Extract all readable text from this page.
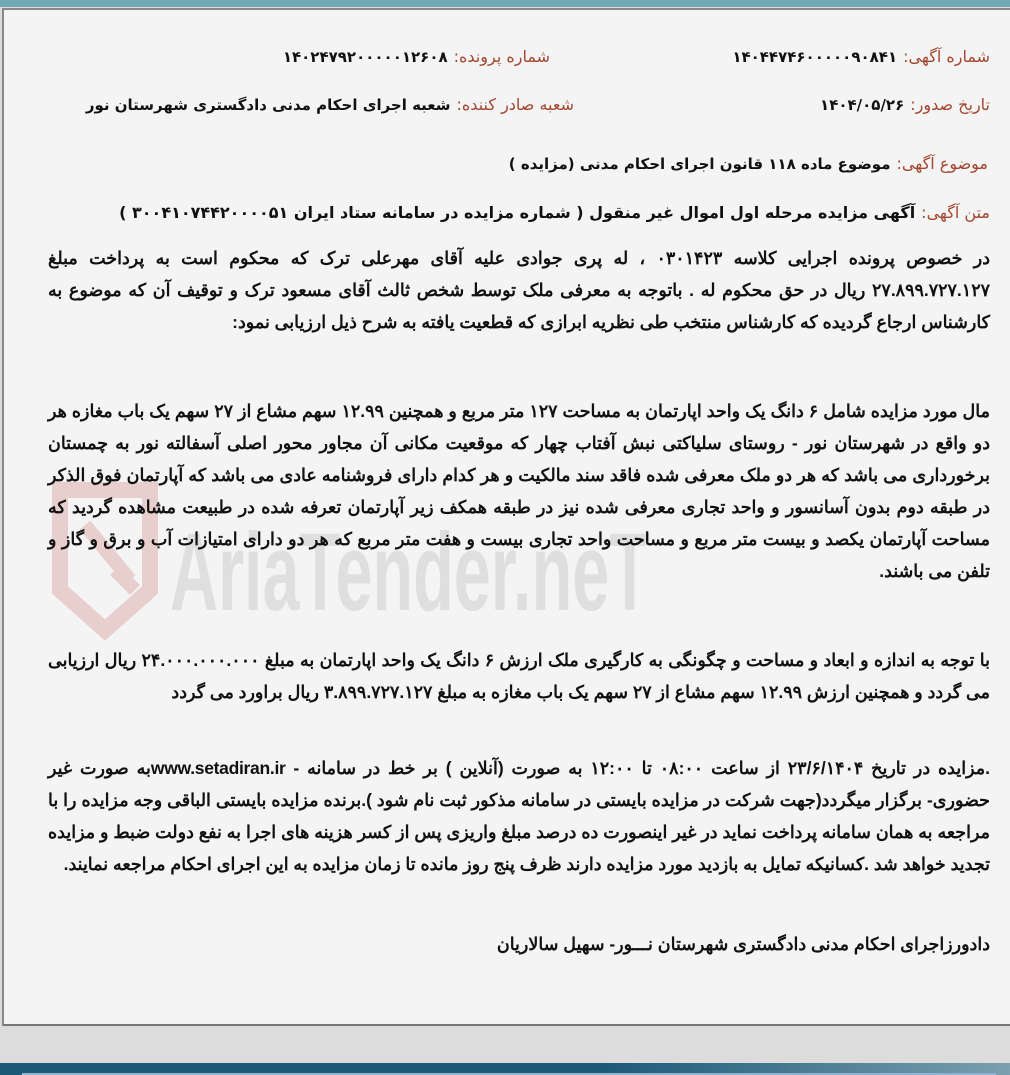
AriaTender.neT
شماره آگهی:۱۴۰۴۴۷۴۶۰۰۰۰۰۹۰۸۴۱
شماره پرونده:۱۴۰۲۴۷۹۲۰۰۰۰۰۱۲۶۰۸
تاریخ صدور:۱۴۰۴/۰۵/۲۶
شعبه صادر کننده:شعبه اجرای احکام مدنی دادگستری شهرستان نور
موضوع آگهی:موضوع ماده ۱۱۸ قانون اجرای احکام مدنی (مزایده )
متن آگهی:آگهی مزایده مرحله اول اموال غیر منقول ( شماره مزایده در سامانه ستاد ایران ۳۰۰۴۱۰۷۴۴۲۰۰۰۰۵۱ )
در خصوص پرونده اجرایی کلاسه ۰۳۰۱۴۲۳ ، له پری جوادی علیه آقای مهرعلی ترک که محکوم است به پرداخت مبلغ ۲۷.۸۹۹.۷۲۷.۱۲۷ ریال در حق محکوم له . باتوجه به معرفی ملک توسط شخص ثالث آقای مسعود ترک و توقیف آن که موضوع به کارشناس ارجاع گردیده که کارشناس منتخب طی نظریه ابرازی که قطعیت یافته به شرح ذیل ارزیابی نمود:
مال مورد مزایده شامل ۶ دانگ یک واحد اپارتمان به مساحت ۱۲۷ متر مربع و همچنین ۱۲.۹۹ سهم مشاع از ۲۷ سهم یک باب مغازه هر دو واقع در شهرستان نور - روستای سلیاکتی نبش آفتاب چهار که موقعیت مکانی آن مجاور محور اصلی آسفالته نور به چمستان برخورداری می باشد که هر دو ملک معرفی شده فاقد سند مالکیت و هر کدام دارای فروشنامه عادی می باشد که آپارتمان فوق الذکر در طبقه دوم بدون آسانسور و واحد تجاری معرفی شده نیز در طبقه همکف زیر آپارتمان تعرفه شده در طبیعت مشاهده گردید که مساحت آپارتمان یکصد و بیست متر مربع و مساحت واحد تجاری بیست و هفت متر مربع که هر دو دارای امتیازات آب و برق و گاز و تلفن می باشند.
با توجه به اندازه و ابعاد و مساحت و چگونگی به کارگیری ملک ارزش ۶ دانگ یک واحد اپارتمان به مبلغ ۲۴.۰۰۰.۰۰۰.۰۰۰ ریال ارزیابی می گردد و همچنین ارزش ۱۲.۹۹ سهم مشاع از ۲۷ سهم یک باب مغازه به مبلغ ۳.۸۹۹.۷۲۷.۱۲۷ ریال براورد می گردد
.مزایده در تاریخ ۲۳/۶/۱۴۰۴ از ساعت ۰۸:۰۰ تا ۱۲:۰۰ به صورت (آنلاین ) بر خط در سامانه - www.setadiran.irبه صورت غیر حضوری- برگزار میگردد(جهت شرکت در مزایده بایستی در سامانه مذکور ثبت نام شود ).برنده مزایده بایستی الباقی وجه مزایده را با مراجعه به همان سامانه پرداخت نماید در غیر اینصورت ده درصد مبلغ واریزی پس از کسر هزینه های اجرا به نفع دولت ضبط و مزایده تجدید خواهد شد .کسانیکه تمایل به بازدید مورد مزایده دارند ظرف پنج روز مانده تا زمان مزایده به این اجرای احکام مراجعه نمایند.
دادورزاجرای احکام مدنی دادگستری شهرستان نـــور- سهیل سالاریان
